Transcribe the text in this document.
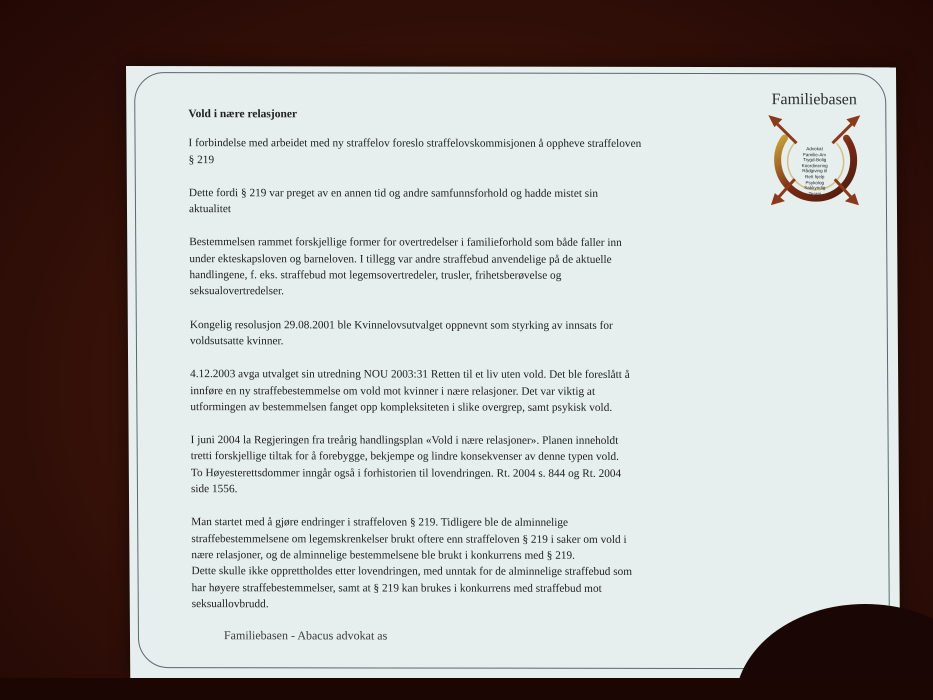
Vold i nære relasjoner
I forbindelse med arbeidet med ny straffelov foreslo straffelovskommisjonen å oppheve straffeloven
§ 219
Dette fordi § 219 var preget av en annen tid og andre samfunnsforhold og hadde mistet sin
aktualitet
Bestemmelsen rammet forskjellige former for overtredelser i familieforhold som både faller inn
under ekteskapsloven og barneloven. I tillegg var andre straffebud anvendelige på de aktuelle
handlingene, f. eks. straffebud mot legemsovertredeler, trusler, frihetsberøvelse og
seksualovertredelser.
Kongelig resolusjon 29.08.2001 ble Kvinnelovsutvalget oppnevnt som styrking av innsats for
voldsutsatte kvinner.
4.12.2003 avga utvalget sin utredning NOU 2003:31 Retten til et liv uten vold. Det ble foreslått å
innføre en ny straffebestemmelse om vold mot kvinner i nære relasjoner. Det var viktig at
utformingen av bestemmelsen fanget opp kompleksiteten i slike overgrep, samt psykisk vold.
I juni 2004 la Regjeringen fra treårig handlingsplan «Vold i nære relasjoner». Planen inneholdt
tretti forskjellige tiltak for å forebygge, bekjempe og lindre konsekvenser av denne typen vold.
To Høyesterettsdommer inngår også i forhistorien til lovendringen. Rt. 2004 s. 844 og Rt. 2004
side 1556.
Man startet med å gjøre endringer i straffeloven § 219. Tidligere ble de alminnelige
straffebestemmelsene om legemskrenkelser brukt oftere enn straffeloven § 219 i saker om vold i
nære relasjoner, og de alminnelige bestemmelsene ble brukt i konkurrens med § 219.
Dette skulle ikke opprettholdes etter lovendringen, med unntak for de alminnelige straffebud som
har høyere straffebestemmelser, samt at § 219 kan brukes i konkurrens med straffebud mot
seksuallovbrudd.
Familiebasen
Advokat
Familie-Arv
Trygd-Bolig
Koordinering
Rådgiving til
Rett hjelp
Psykolog
Sakkyndig
Terapi
Familiebasen - Abacus advokat as
